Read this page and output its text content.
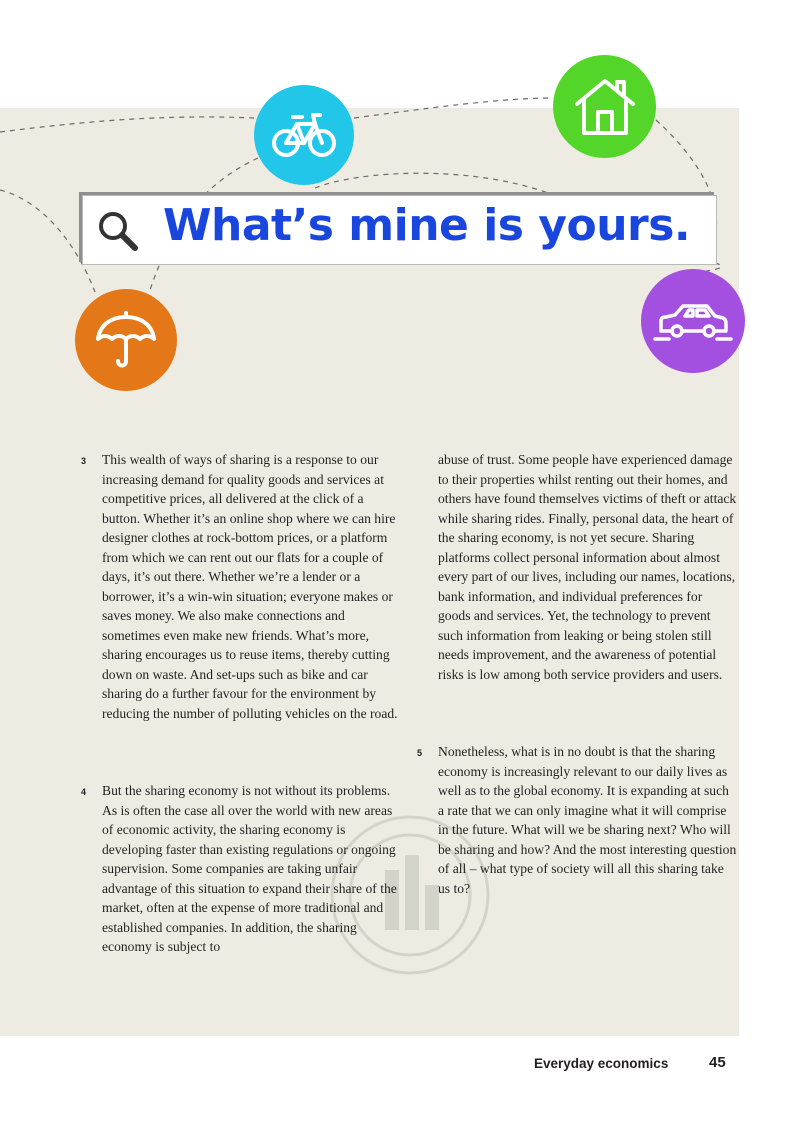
What’s mine is yours.
3 This wealth of ways of sharing is a response to our increasing demand for quality goods and services at competitive prices, all delivered at the click of a button. Whether it’s an online shop where we can hire designer clothes at rock-bottom prices, or a platform from which we can rent out our flats for a couple of days, it’s out there. Whether we’re a lender or a borrower, it’s a win-win situation; everyone makes or saves money. We also make connections and sometimes even make new friends. What’s more, sharing encourages us to reuse items, thereby cutting down on waste. And set-ups such as bike and car sharing do a further favour for the environment by reducing the number of polluting vehicles on the road.

4 But the sharing economy is not without its problems. As is often the case all over the world with new areas of economic activity, the sharing economy is developing faster than existing regulations or ongoing supervision. Some companies are taking unfair advantage of this situation to expand their share of the market, often at the expense of more traditional and established companies. In addition, the sharing economy is subject to

abuse of trust. Some people have experienced damage to their properties whilst renting out their homes, and others have found themselves victims of theft or attack while sharing rides. Finally, personal data, the heart of the sharing economy, is not yet secure. Sharing platforms collect personal information about almost every part of our lives, including our names, locations, bank information, and individual preferences for goods and services. Yet, the technology to prevent such information from leaking or being stolen still needs improvement, and the awareness of potential risks is low among both service providers and users.

5 Nonetheless, what is in no doubt is that the sharing economy is increasingly relevant to our daily lives as well as to the global economy. It is expanding at such a rate that we can only imagine what it will comprise in the future. What will we be sharing next? Who will be sharing and how? And the most interesting question of all – what type of society will all this sharing take us to?

Everyday economics	45
